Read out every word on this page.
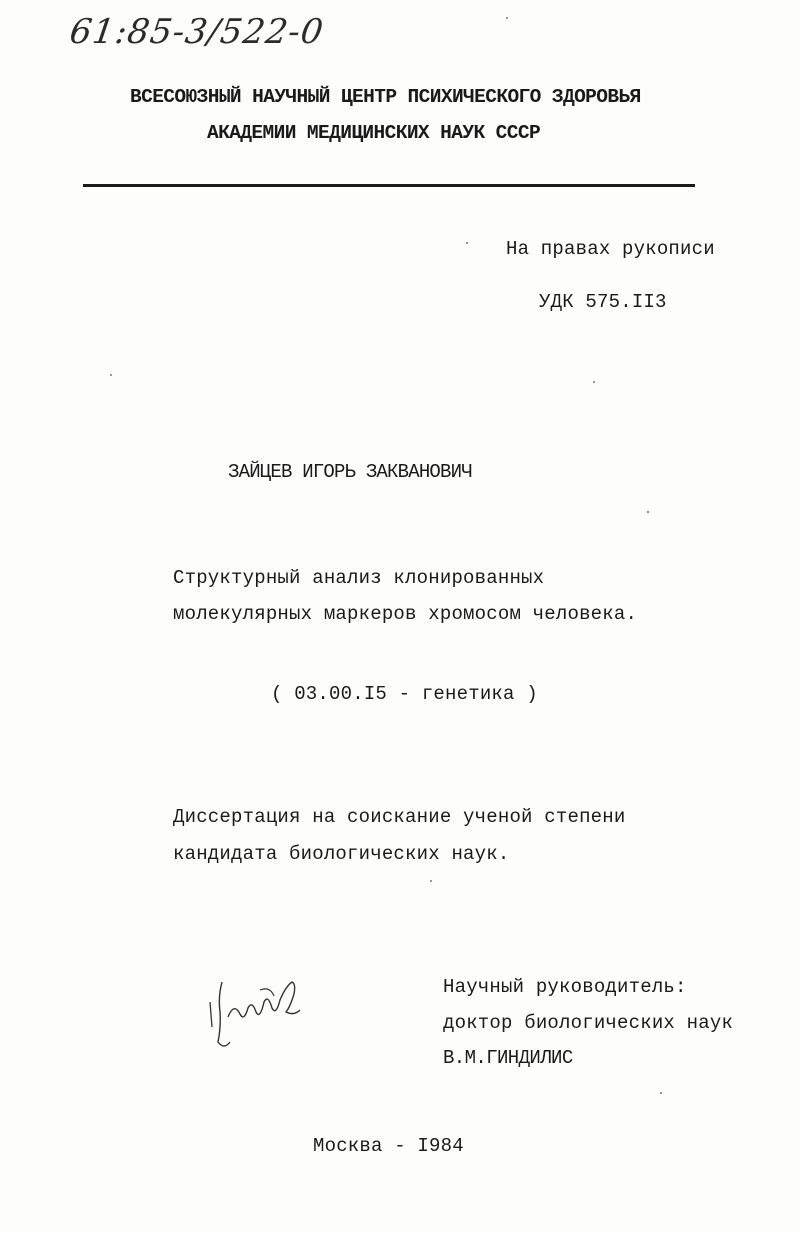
61:85-3/522-0
ВСЕСОЮЗНЫЙ НАУЧНЫЙ ЦЕНТР ПСИХИЧЕСКОГО ЗДОРОВЬЯ
АКАДЕМИИ МЕДИЦИНСКИХ НАУК СССР
На правах рукописи
УДК 575.II3
ЗАЙЦЕВ ИГОРЬ ЗАКВАНОВИЧ
Структурный анализ клонированных
молекулярных маркеров хромосом человека.
( 03.00.I5 - генетика )
Диссертация на соискание ученой степени
кандидата биологических наук.
Научный руководитель:
доктор биологических наук
В.М.ГИНДИЛИС
Москва - I984
